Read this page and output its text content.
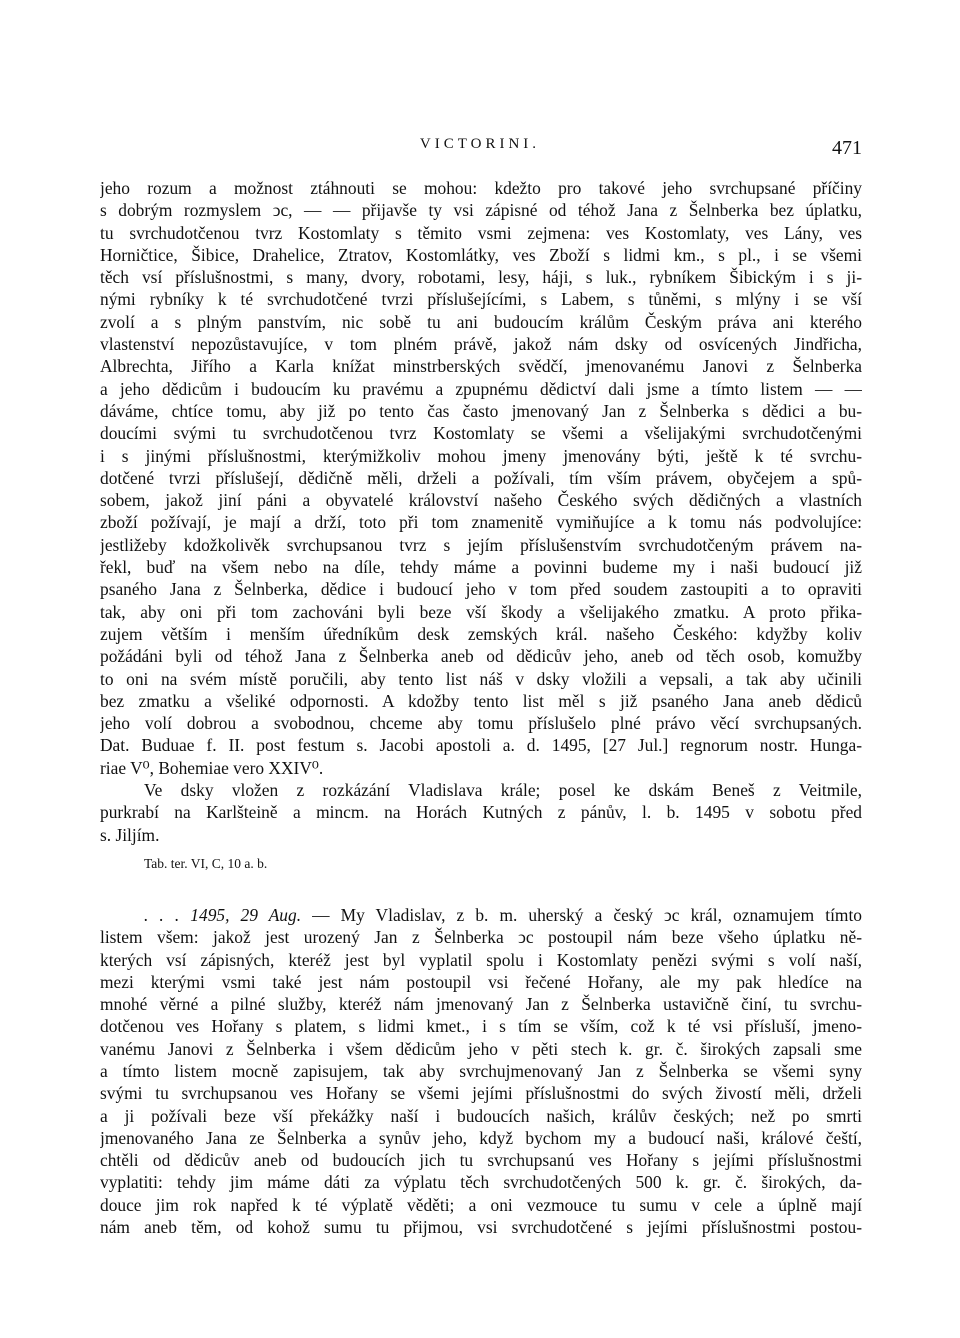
VICTORINI.	471
jeho rozum a možnost ztáhnouti se mohou: kdežto pro takové jeho svrchupsané příčiny
s dobrým rozmyslem ͻc, — — přijavše ty vsi zápisné od téhož Jana z Šelnberka bez úplatku,
tu svrchudotčenou tvrz Kostomlaty s těmito vsmi zejmena: ves Kostomlaty, ves Lány, ves
Horničtice, Šibice, Drahelice, Ztratov, Kostomlátky, ves Zboží s lidmi km., s pl., i se všemi
těch vsí příslušnostmi, s many, dvory, robotami, lesy, háji, s luk., rybníkem Šibickým i s ji-
nými rybníky k té svrchudotčené tvrzi příslušejícími, s Labem, s tůněmi, s mlýny i se vší
zvolí a s plným panstvím, nic sobě tu ani budoucím králům Českým práva ani kterého
vlastenství nepozůstavujíce, v tom plném právě, jakož nám dsky od osvícených Jindřicha,
Albrechta, Jiřího a Karla knížat minstrberských svědčí, jmenovanému Janovi z Šelnberka
a jeho dědicům i budoucím ku pravému a zpupnému dědictví dali jsme a tímto listem — —
dáváme, chtíce tomu, aby již po tento čas často jmenovaný Jan z Šelnberka s dědici a bu-
doucími svými tu svrchudotčenou tvrz Kostomlaty se všemi a všelijakými svrchudotčenými
i s jinými příslušnostmi, kterýmižkoliv mohou jmeny jmenovány býti, ještě k té svrchu-
dotčené tvrzi příslušejí, dědičně měli, drželi a požívali, tím vším právem, obyčejem a spů-
sobem, jakož jiní páni a obyvatelé království našeho Českého svých dědičných a vlastních
zboží požívají, je mají a drží, toto při tom znamenitě vymiňujíce a k tomu nás podvolujíce:
jestližeby kdožkolivěk svrchupsanou tvrz s jejím příslušenstvím svrchudotčeným právem na-
řekl, buď na všem nebo na díle, tehdy máme a povinni budeme my i naši budoucí již
psaného Jana z Šelnberka, dědice i budoucí jeho v tom před soudem zastoupiti a to opraviti
tak, aby oni při tom zachováni byli beze vší škody a všelijakého zmatku. A proto přika-
zujem větším i menším úředníkům desk zemských král. našeho Českého: kdyžby koliv
požádáni byli od téhož Jana z Šelnberka aneb od dědicův jeho, aneb od těch osob, komužby
to oni na svém místě poručili, aby tento list náš v dsky vložili a vepsali, a tak aby učinili
bez zmatku a všeliké odpornosti. A kdožby tento list měl s již psaného Jana aneb dědiců
jeho volí dobrou a svobodnou, chceme aby tomu příslušelo plné právo věcí svrchupsaných.
Dat. Buduae f. II. post festum s. Jacobi apostoli a. d. 1495, [27 Jul.] regnorum nostr. Hunga-
riae V⁰, Bohemiae vero XXIV⁰.
Ve dsky vložen z rozkázání Vladislava krále; posel ke dskám Beneš z Veitmile,
purkrabí na Karlšteině a mincm. na Horách Kutných z pánův, l. b. 1495 v sobotu před
s. Jiljím.
Tab. ter. VI, C, 10 a. b.
. . . 1495, 29 Aug. — My Vladislav, z b. m. uherský a český ͻc král, oznamujem tímto
listem všem: jakož jest urozený Jan z Šelnberka ͻc postoupil nám beze všeho úplatku ně-
kterých vsí zápisných, kteréž jest byl vyplatil spolu i Kostomlaty penězi svými s volí naší,
mezi kterými vsmi také jest nám postoupil vsi řečené Hořany, ale my pak hledíce na
mnohé věrné a pilné služby, kteréž nám jmenovaný Jan z Šelnberka ustavičně činí, tu svrchu-
dotčenou ves Hořany s platem, s lidmi kmet., i s tím se vším, což k té vsi přísluší, jmeno-
vanému Janovi z Šelnberka i všem dědicům jeho v pěti stech k. gr. č. širokých zapsali sme
a tímto listem mocně zapisujem, tak aby svrchujmenovaný Jan z Šelnberka se všemi syny
svými tu svrchupsanou ves Hořany se všemi jejími příslušnostmi do svých živostí měli, drželi
a ji požívali beze vší překážky naší i budoucích našich, králův českých; než po smrti
jmenovaného Jana ze Šelnberka a synův jeho, když bychom my a budoucí naši, králové čeští,
chtěli od dědicův aneb od budoucích jich tu svrchupsanú ves Hořany s jejími příslušnostmi
vyplatiti: tehdy jim máme dáti za výplatu těch svrchudotčených 500 k. gr. č. širokých, da-
douce jim rok napřed k té výplatě věděti; a oni vezmouce tu sumu v cele a úplně mají
nám aneb těm, od kohož sumu tu přijmou, vsi svrchudotčené s jejími příslušnostmi postou-
